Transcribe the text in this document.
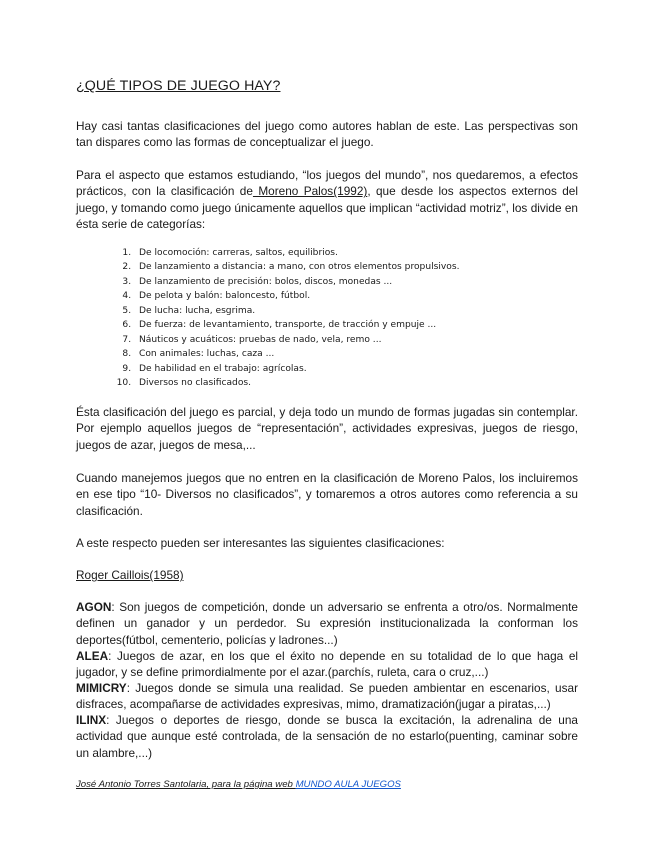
¿QUÉ TIPOS DE JUEGO HAY?

Hay casi tantas clasificaciones del juego como autores hablan de este. Las perspectivas son tan dispares como las formas de conceptualizar el juego.

Para el aspecto que estamos estudiando, “los juegos del mundo”, nos quedaremos, a efectos prácticos, con la clasificación de Moreno Palos(1992), que desde los aspectos externos del juego, y tomando como juego únicamente aquellos que implican “actividad motriz”, los divide en ésta serie de categorías:

1. De locomoción: carreras, saltos, equilibrios.
2. De lanzamiento a distancia: a mano, con otros elementos propulsivos.
3. De lanzamiento de precisión: bolos, discos, monedas ...
4. De pelota y balón: baloncesto, fútbol.
5. De lucha: lucha, esgrima.
6. De fuerza: de levantamiento, transporte, de tracción y empuje ...
7. Náuticos y acuáticos: pruebas de nado, vela, remo ...
8. Con animales: luchas, caza ...
9. De habilidad en el trabajo: agrícolas.
10. Diversos no clasificados.

Ésta clasificación del juego es parcial, y deja todo un mundo de formas jugadas sin contemplar. Por ejemplo aquellos juegos de “representación”, actividades expresivas, juegos de riesgo, juegos de azar, juegos de mesa,...

Cuando manejemos juegos que no entren en la clasificación de Moreno Palos, los incluiremos en ese tipo “10- Diversos no clasificados”, y tomaremos a otros autores como referencia a su clasificación.

A este respecto pueden ser interesantes las siguientes clasificaciones:

Roger Caillois(1958)

AGON: Son juegos de competición, donde un adversario se enfrenta a otro/os. Normalmente definen un ganador y un perdedor. Su expresión institucionalizada la conforman los deportes(fútbol, cementerio, policías y ladrones...)

ALEA: Juegos de azar, en los que el éxito no depende en su totalidad de lo que haga el jugador, y se define primordialmente por el azar.(parchís, ruleta, cara o cruz,...)

MIMICRY: Juegos donde se simula una realidad. Se pueden ambientar en escenarios, usar disfraces, acompañarse de actividades expresivas, mimo, dramatización(jugar a piratas,...)

ILINX: Juegos o deportes de riesgo, donde se busca la excitación, la adrenalina de una actividad que aunque esté controlada, de la sensación de no estarlo(puenting, caminar sobre un alambre,...)

José Antonio Torres Santolaria, para la página web MUNDO AULA JUEGOS
